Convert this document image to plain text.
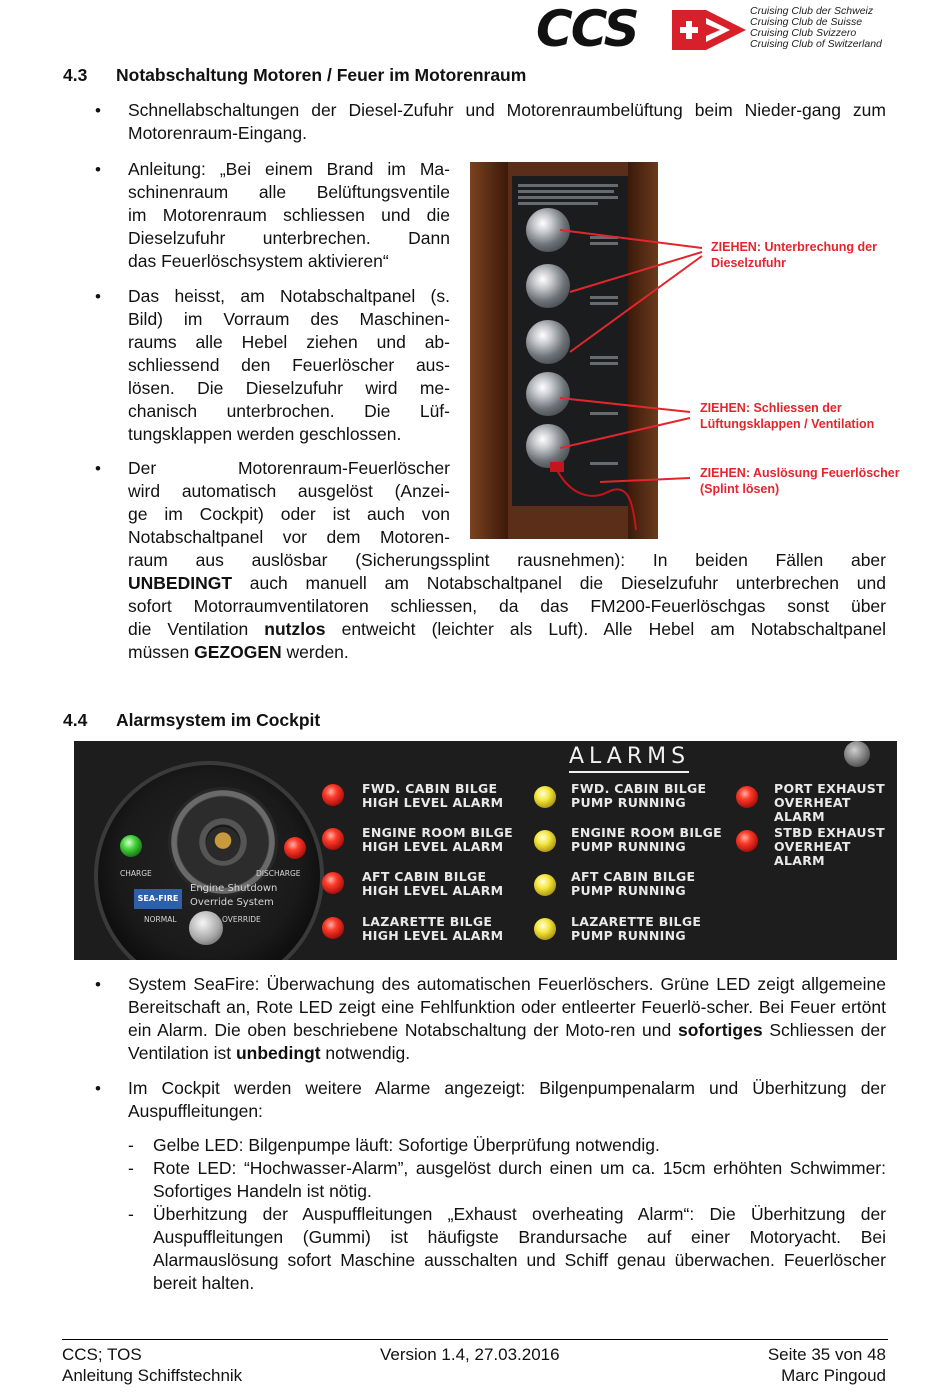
CCS	Cruising Club der Schweiz
Cruising Club de Suisse
Cruising Club Svizzero
Cruising Club of Switzerland
4.3 Notabschaltung Motoren / Feuer im Motorenraum
•	Schnellabschaltungen der Diesel-Zufuhr und Motorenraumbelüftung beim Nieder-gang zum Motorenraum-Eingang.
•	Anleitung: „Bei einem Brand im Ma-
schinenraum alle Belüftungsventile
im Motorenraum schliessen und die
Dieselzufuhr unterbrechen. Dann
das Feuerlöschsystem aktivieren“
•	Das heisst, am Notabschaltpanel (s.
Bild) im Vorraum des Maschinen-
raums alle Hebel ziehen und ab-
schliessend den Feuerlöscher aus-
lösen. Die Dieselzufuhr wird me-
chanisch unterbrochen. Die Lüf-
tungsklappen werden geschlossen.
•	Der Motorenraum-Feuerlöscher
wird automatisch ausgelöst (Anzei-
ge im Cockpit) oder ist auch von
Notabschaltpanel vor dem Motoren-
raum aus auslösbar (Sicherungssplint rausnehmen): In beiden Fällen aber
UNBEDINGT auch manuell am Notabschaltpanel die Dieselzufuhr unterbrechen und
sofort Motorraumventilatoren schliessen, da das FM200-Feuerlöschgas sonst über
die Ventilation nutzlos entweicht (leichter als Luft). Alle Hebel am Notabschaltpanel
müssen GEZOGEN werden.
ZIEHEN: Unterbrechung der
Dieselzufuhr
ZIEHEN: Schliessen der
Lüftungsklappen / Ventilation
ZIEHEN: Auslösung Feuerlöscher
(Splint lösen)
4.4 Alarmsystem im Cockpit
CHARGE	DISCHARGE
Engine Shutdown
Override System
NORMAL	OVERRIDE
SEA-FIRE
ALARMS
FWD. CABIN BILGE
HIGH LEVEL ALARM
ENGINE ROOM BILGE
HIGH LEVEL ALARM
AFT CABIN BILGE
HIGH LEVEL ALARM
LAZARETTE BILGE
HIGH LEVEL ALARM
FWD. CABIN BILGE
PUMP RUNNING
ENGINE ROOM BILGE
PUMP RUNNING
AFT CABIN BILGE
PUMP RUNNING
LAZARETTE BILGE
PUMP RUNNING
PORT EXHAUST
OVERHEAT ALARM
STBD EXHAUST
OVERHEAT ALARM
•	System SeaFire: Überwachung des automatischen Feuerlöschers. Grüne LED zeigt allgemeine Bereitschaft an, Rote LED zeigt eine Fehlfunktion oder entleerter Feuerlö-scher. Bei Feuer ertönt ein Alarm. Die oben beschriebene Notabschaltung der Moto-ren und sofortiges Schliessen der Ventilation ist unbedingt notwendig.
•	Im Cockpit werden weitere Alarme angezeigt: Bilgenpumpenalarm und Überhitzung der Auspuffleitungen:
-	Gelbe LED: Bilgenpumpe läuft: Sofortige Überprüfung notwendig.
-	Rote LED: “Hochwasser-Alarm”, ausgelöst durch einen um ca. 15cm erhöhten Schwimmer: Sofortiges Handeln ist nötig.
-	Überhitzung der Auspuffleitungen „Exhaust overheating Alarm“: Die Überhitzung der Auspuffleitungen (Gummi) ist häufigste Brandursache auf einer Motoryacht. Bei Alarmauslösung sofort Maschine ausschalten und Schiff genau überwachen. Feuerlöscher bereit halten.
CCS; TOS
Anleitung Schiffstechnik
Version 1.4, 27.03.2016	Seite 35 von 48
Marc Pingoud
